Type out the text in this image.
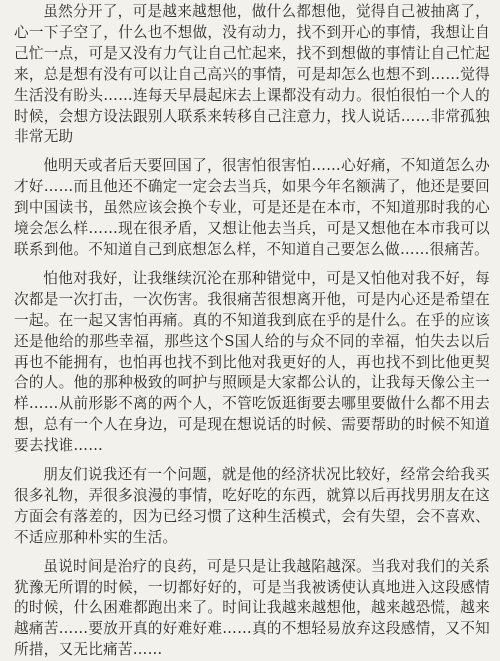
虽然分开了，可是越来越想他，做什么都想他，觉得自己被抽离了，心一下子空了，什么也不想做，没有动力，找不到开心的事情，我想让自己忙一点，可是又没有力气让自己忙起来，找不到想做的事情让自己忙起来，总是想有没有可以让自己高兴的事情，可是却怎么也想不到……觉得生活没有盼头……连每天早晨起床去上课都没有动力。很怕很怕一个人的时候，会想方设法跟别人联系来转移自己注意力，找人说话……非常孤独非常无助

他明天或者后天要回国了，很害怕很害怕……心好痛，不知道怎么办才好……而且他还不确定一定会去当兵，如果今年名额满了，他还是要回到中国读书，虽然应该会换个专业，可是还是在本市，不知道那时我的心境会怎么样……现在很矛盾，又想让他去当兵，可是又想他在本市我可以联系到他。不知道自己到底想怎么样，不知道自己要怎么做……很痛苦。

怕他对我好，让我继续沉沦在那种错觉中，可是又怕他对我不好，每次都是一次打击，一次伤害。我很痛苦很想离开他，可是内心还是希望在一起。在一起又害怕再痛。真的不知道我到底在乎的是什么。在乎的应该还是他给的那些幸福，那些这个S国人给的与众不同的幸福，怕失去以后再也不能拥有，也怕再也找不到比他对我更好的人，再也找不到比他更契合的人。他的那种极致的呵护与照顾是大家都公认的，让我每天像公主一样……从前形影不离的两个人，不管吃饭逛街要去哪里要做什么都不用去想，总有一个人在身边，可是现在想说话的时候、需要帮助的时候不知道要去找谁……

朋友们说我还有一个问题，就是他的经济状况比较好，经常会给我买很多礼物，弄很多浪漫的事情，吃好吃的东西，就算以后再找男朋友在这方面会有落差的，因为已经习惯了这种生活模式，会有失望，会不喜欢、不适应那种朴实的生活。

虽说时间是治疗的良药，可是只是让我越陷越深。当我对我们的关系犹豫无所谓的时候，一切都好好的，可是当我被诱使认真地进入这段感情的时候，什么困难都跑出来了。时间让我越来越想他，越来越恐慌，越来越痛苦……要放开真的好难好难……真的不想轻易放弃这段感情，又不知所措，又无比痛苦……
